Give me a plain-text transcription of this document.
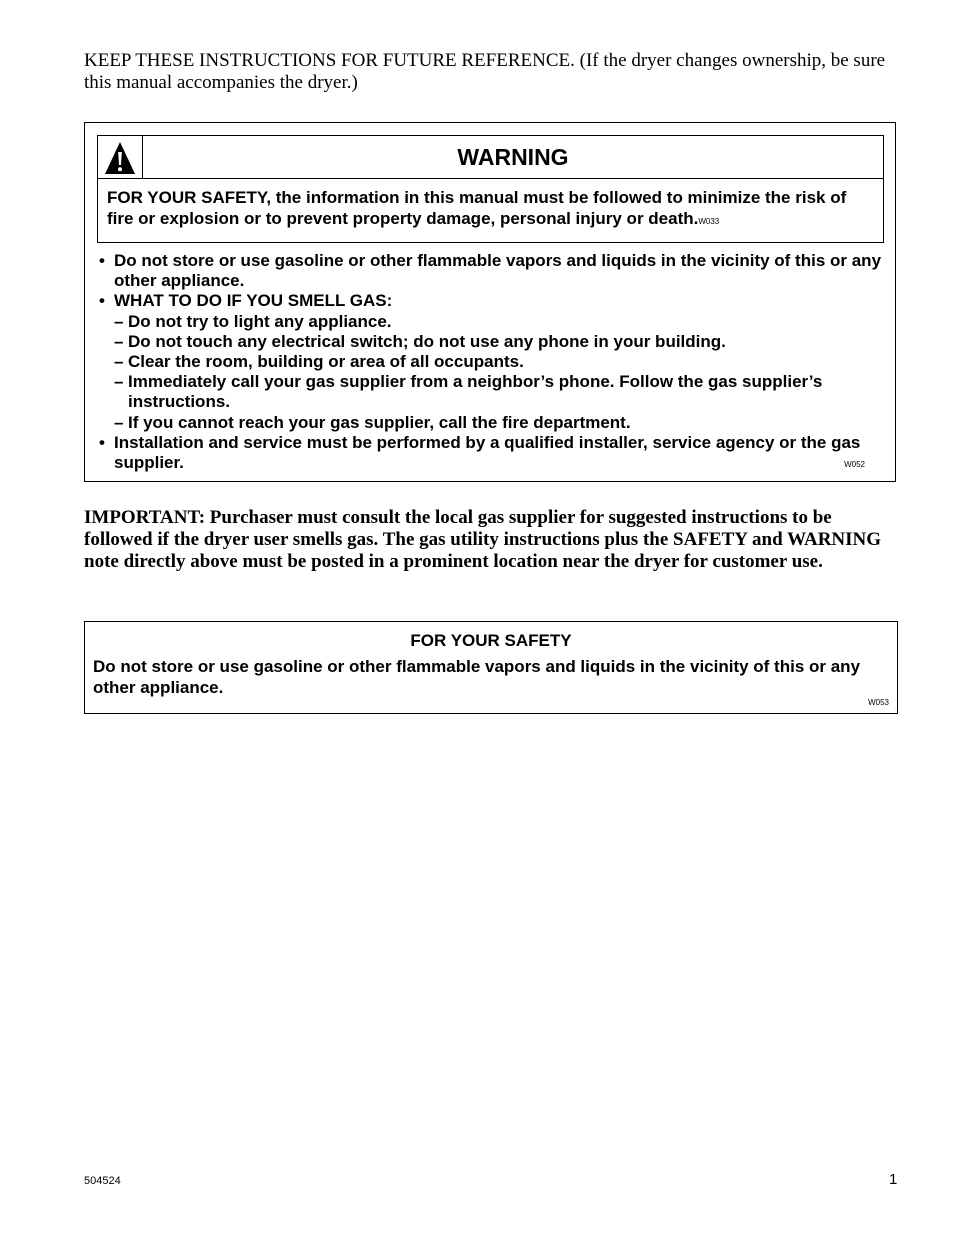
KEEP THESE INSTRUCTIONS FOR FUTURE REFERENCE. (If the dryer changes ownership, be sure this manual accompanies the dryer.)
WARNING
FOR YOUR SAFETY, the information in this manual must be followed to minimize the risk of fire or explosion or to prevent property damage, personal injury or death.W033
• Do not store or use gasoline or other flammable vapors and liquids in the vicinity of this or any other appliance.
• WHAT TO DO IF YOU SMELL GAS:
– Do not try to light any appliance.
– Do not touch any electrical switch; do not use any phone in your building.
– Clear the room, building or area of all occupants.
– Immediately call your gas supplier from a neighbor’s phone. Follow the gas supplier’s instructions.
– If you cannot reach your gas supplier, call the fire department.
• Installation and service must be performed by a qualified installer, service agency or the gas supplier.	W052
IMPORTANT: Purchaser must consult the local gas supplier for suggested instructions to be followed if the dryer user smells gas. The gas utility instructions plus the SAFETY and WARNING note directly above must be posted in a prominent location near the dryer for customer use.
FOR YOUR SAFETY
Do not store or use gasoline or other flammable vapors and liquids in the vicinity of this or any other appliance.
W053
504524	1
